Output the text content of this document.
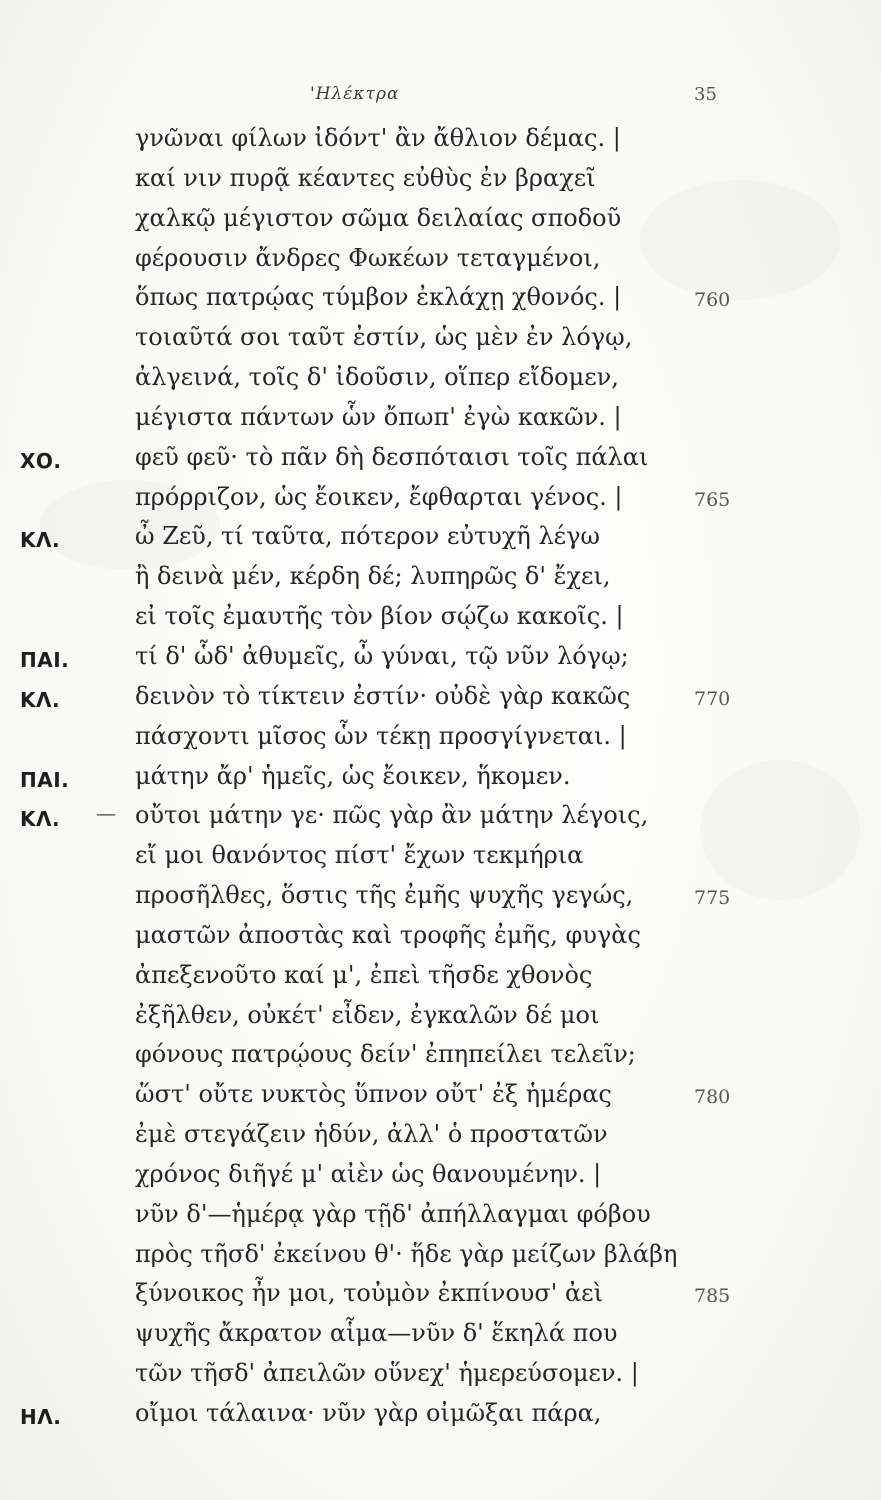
'Ηλέκτρα	35
γνῶναι φίλων ἰδόντ' ἂν ἄθλιον δέμας. |
καί νιν πυρᾷ κέαντες εὐθὺς ἐν βραχεῖ
χαλκῷ μέγιστον σῶμα δειλαίας σποδοῦ
φέρουσιν ἄνδρες Φωκέων τεταγμένοι,
ὅπως πατρῴας τύμβον ἐκλάχῃ χθονός. |	760
τοιαῦτά σοι ταῦτ ἐστίν, ὡς μὲν ἐν λόγῳ,
ἀλγεινά, τοῖς δ' ἰδοῦσιν, οἵπερ εἴδομεν,
μέγιστα πάντων ὧν ὄπωπ' ἐγὼ κακῶν. |
ΧΟ.	φεῦ φεῦ· τὸ πᾶν δὴ δεσπόταισι τοῖς πάλαι
πρόρριζον, ὡς ἔοικεν, ἔφθαρται γένος. |	765
ΚΛ.	ὦ Ζεῦ, τί ταῦτα, πότερον εὐτυχῆ λέγω
ἢ δεινὰ μέν, κέρδη δέ; λυπηρῶς δ' ἔχει,
εἰ τοῖς ἐμαυτῆς τὸν βίον σῴζω κακοῖς. |
ΠΑΙ.	τί δ' ὧδ' ἀθυμεῖς, ὦ γύναι, τῷ νῦν λόγῳ;
ΚΛ.	δεινὸν τὸ τίκτειν ἐστίν· οὐδὲ γὰρ κακῶς	770
πάσχοντι μῖσος ὧν τέκῃ προσγίγνεται. |
ΠΑΙ.	μάτην ἄρ' ἡμεῖς, ὡς ἔοικεν, ἥκομεν.
ΚΛ. — οὔτοι μάτην γε· πῶς γὰρ ἂν μάτην λέγοις,
εἴ μοι θανόντος πίστ' ἔχων τεκμήρια
προσῆλθες, ὅστις τῆς ἐμῆς ψυχῆς γεγώς,	775
μαστῶν ἀποστὰς καὶ τροφῆς ἐμῆς, φυγὰς
ἀπεξενοῦτο καί μ', ἐπεὶ τῆσδε χθονὸς
ἐξῆλθεν, οὐκέτ' εἶδεν, ἐγκαλῶν δέ μοι
φόνους πατρῴους δείν' ἐπηπείλει τελεῖν;
ὥστ' οὔτε νυκτὸς ὕπνον οὔτ' ἐξ ἡμέρας	780
ἐμὲ στεγάζειν ἡδύν, ἀλλ' ὁ προστατῶν
χρόνος διῆγέ μ' αἰὲν ὡς θανουμένην. |
νῦν δ'—ἡμέρᾳ γὰρ τῇδ' ἀπήλλαγμαι φόβου
πρὸς τῆσδ' ἐκείνου θ'· ἥδε γὰρ μείζων βλάβη
ξύνοικος ἦν μοι, τοὐμὸν ἐκπίνουσ' ἀεὶ	785
ψυχῆς ἄκρατον αἷμα—νῦν δ' ἕκηλά που
τῶν τῆσδ' ἀπειλῶν οὕνεχ' ἡμερεύσομεν. |
ΗΛ.	οἴμοι τάλαινα· νῦν γὰρ οἰμῶξαι πάρα,
